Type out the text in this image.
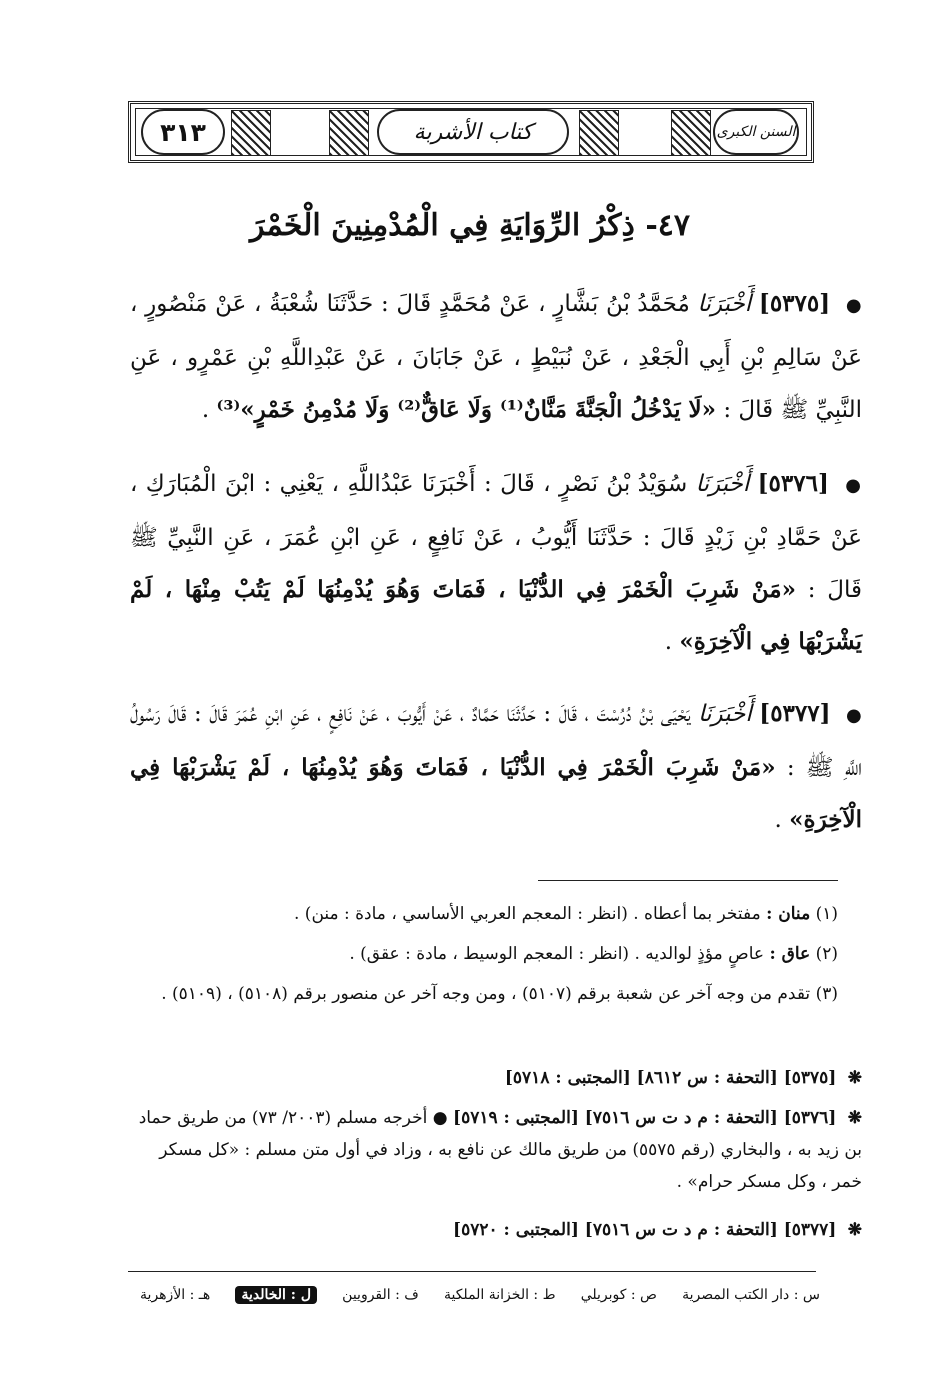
٣١٣	كتاب الأشربة	السنن الكبرى
٤٧- ذِكْرُ الرِّوَايَةِ فِي الْمُدْمِنِينَ الْخَمْرَ
● [٥٣٧٥] أَخْبَرَنَا مُحَمَّدُ بْنُ بَشَّارٍ ، عَنْ مُحَمَّدٍ قَالَ : حَدَّثَنَا شُعْبَةُ ، عَنْ مَنْصُورٍ ، عَنْ سَالِمِ بْنِ أَبِي الْجَعْدِ ، عَنْ نُبَيْطٍ ، عَنْ جَابَانَ ، عَنْ عَبْدِاللَّهِ بْنِ عَمْرٍو ، عَنِ النَّبِيِّ ﷺ قَالَ : «لَا يَدْخُلُ الْجَنَّةَ مَنَّانٌ⁽¹⁾ وَلَا عَاقٌّ⁽²⁾ وَلَا مُدْمِنُ خَمْرٍ»⁽³⁾ .
● [٥٣٧٦] أَخْبَرَنَا سُوَيْدُ بْنُ نَصْرٍ ، قَالَ : أَخْبَرَنَا عَبْدُاللَّهِ ، يَعْنِي : ابْنَ الْمُبَارَكِ ، عَنْ حَمَّادِ بْنِ زَيْدٍ قَالَ : حَدَّثَنَا أَيُّوبُ ، عَنْ نَافِعٍ ، عَنِ ابْنِ عُمَرَ ، عَنِ النَّبِيِّ ﷺ قَالَ : «مَنْ شَرِبَ الْخَمْرَ فِي الدُّنْيَا ، فَمَاتَ وَهُوَ يُدْمِنُهَا لَمْ يَتُبْ مِنْهَا ، لَمْ يَشْرَبْهَا فِي الْآخِرَةِ» .
● [٥٣٧٧] أَخْبَرَنَا يَحْيَى بْنُ دُرُسْتَ ، قَالَ : حَدَّثَنَا حَمَّادٌ ، عَنْ أَيُّوبَ ، عَنْ نَافِعٍ ، عَنِ ابْنِ عُمَرَ قَالَ : قَالَ رَسُولُ اللَّهِ ﷺ : «مَنْ شَرِبَ الْخَمْرَ فِي الدُّنْيَا ، فَمَاتَ وَهُوَ يُدْمِنُهَا ، لَمْ يَشْرَبْهَا فِي الْآخِرَةِ» .
(١) منان : مفتخر بما أعطاه . (انظر : المعجم العربي الأساسي ، مادة : منن) .
(٢) عاق : عاصٍ مؤذٍ لوالديه . (انظر : المعجم الوسيط ، مادة : عقق) .
(٣) تقدم من وجه آخر عن شعبة برقم (٥١٠٧) ، ومن وجه آخر عن منصور برقم (٥١٠٨) ، (٥١٠٩) .
❋ [٥٣٧٥] [التحفة : س ٨٦١٢] [المجتبى : ٥٧١٨]
❋ [٥٣٧٦] [التحفة : م د ت س ٧٥١٦] [المجتبى : ٥٧١٩] ● أخرجه مسلم (٢٠٠٣/ ٧٣) من طريق حماد بن زيد به ، والبخاري (رقم ٥٥٧٥) من طريق مالك عن نافع به ، وزاد في أول متن مسلم : «كل مسكر خمر ، وكل مسكر حرام» .
❋ [٥٣٧٧] [التحفة : م د ت س ٧٥١٦] [المجتبى : ٥٧٢٠]
س : دار الكتب المصرية
ص : كوبريلي
ط : الخزانة الملكية
ف : القرويين
ل : الخالدية
هـ : الأزهرية
